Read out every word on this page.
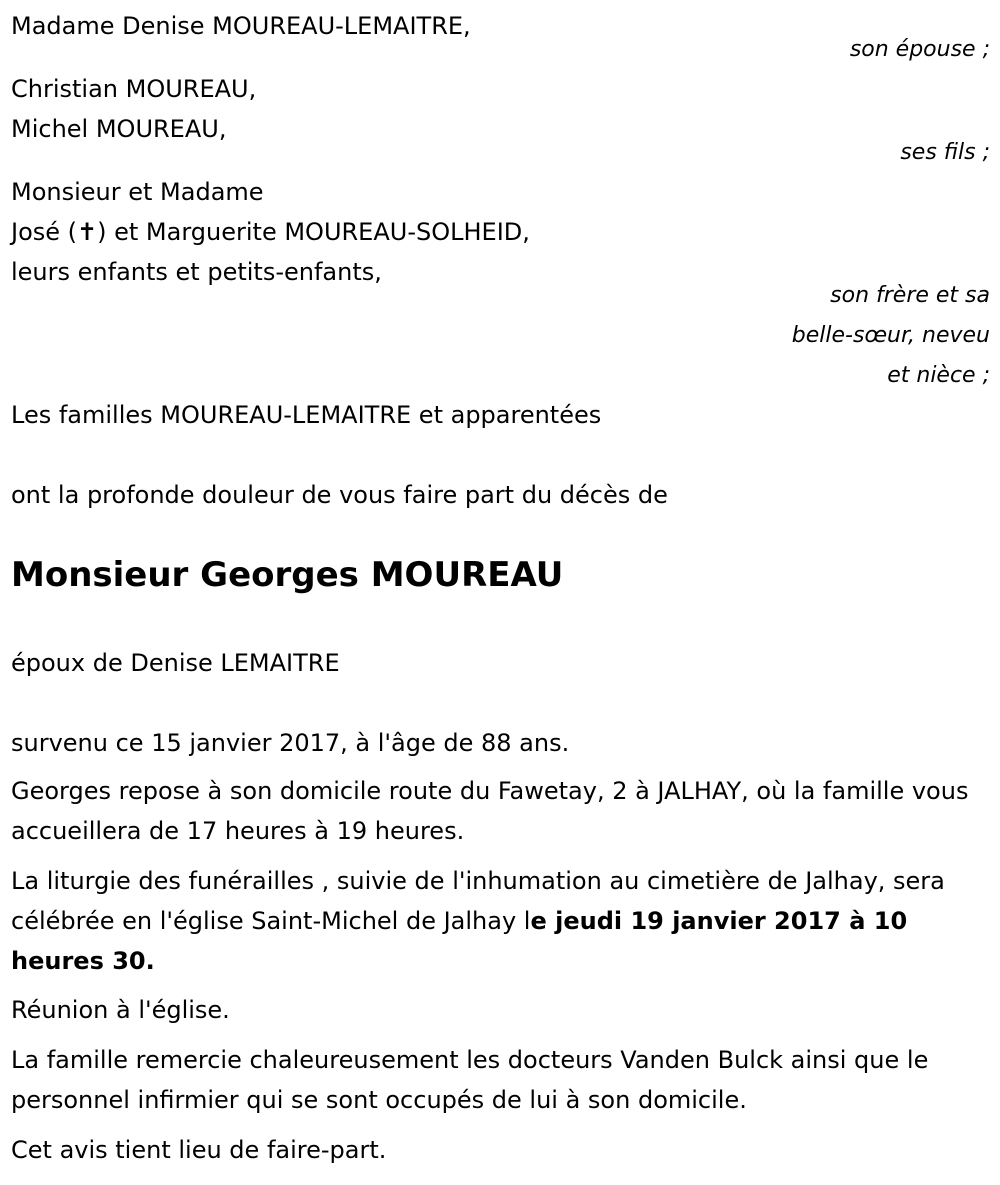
Madame Denise MOUREAU-LEMAITRE,
son épouse ;
Christian MOUREAU,
Michel MOUREAU,
ses fils ;
Monsieur et Madame
José (✝) et Marguerite MOUREAU-SOLHEID,
leurs enfants et petits-enfants,
son frère et sa
belle-sœur, neveu
et nièce ;
Les familles MOUREAU-LEMAITRE et apparentées
ont la profonde douleur de vous faire part du décès de
Monsieur Georges MOUREAU
époux de Denise LEMAITRE
survenu ce 15 janvier 2017, à l'âge de 88 ans.
Georges repose à son domicile route du Fawetay, 2 à JALHAY, où la famille vous accueillera de 17 heures à 19 heures.
La liturgie des funérailles , suivie de l'inhumation au cimetière de Jalhay, sera célébrée en l'église Saint-Michel de Jalhay le jeudi 19 janvier 2017 à 10 heures 30.
Réunion à l'église.
La famille remercie chaleureusement les docteurs Vanden Bulck ainsi que le personnel infirmier qui se sont occupés de lui à son domicile.
Cet avis tient lieu de faire-part.
